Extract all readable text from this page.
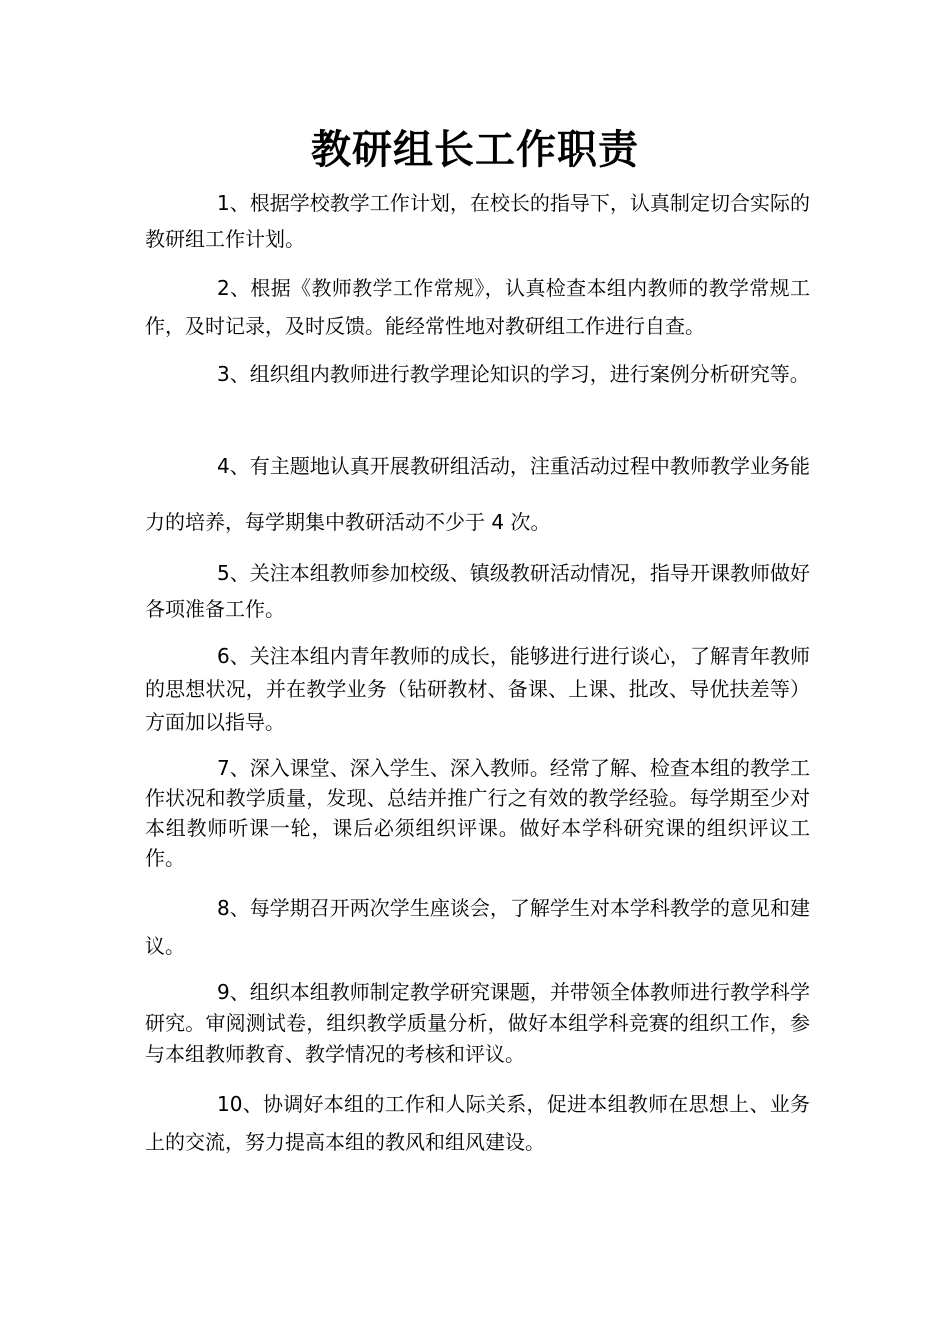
教研组长工作职责

1、根据学校教学工作计划，在校长的指导下，认真制定切合实际的教研组工作计划。

2、根据《教师教学工作常规》，认真检查本组内教师的教学常规工作，及时记录，及时反馈。能经常性地对教研组工作进行自查。

3、组织组内教师进行教学理论知识的学习，进行案例分析研究等。

4、有主题地认真开展教研组活动，注重活动过程中教师教学业务能力的培养，每学期集中教研活动不少于 4 次。

5、关注本组教师参加校级、镇级教研活动情况，指导开课教师做好各项准备工作。

6、关注本组内青年教师的成长，能够进行进行谈心，了解青年教师的思想状况，并在教学业务（钻研教材、备课、上课、批改、导优扶差等）方面加以指导。

7、深入课堂、深入学生、深入教师。经常了解、检查本组的教学工作状况和教学质量，发现、总结并推广行之有效的教学经验。每学期至少对本组教师听课一轮，课后必须组织评课。做好本学科研究课的组织评议工作。

8、每学期召开两次学生座谈会，了解学生对本学科教学的意见和建议。

9、组织本组教师制定教学研究课题，并带领全体教师进行教学科学研究。审阅测试卷，组织教学质量分析，做好本组学科竞赛的组织工作，参与本组教师教育、教学情况的考核和评议。

10、协调好本组的工作和人际关系，促进本组教师在思想上、业务上的交流，努力提高本组的教风和组风建设。
